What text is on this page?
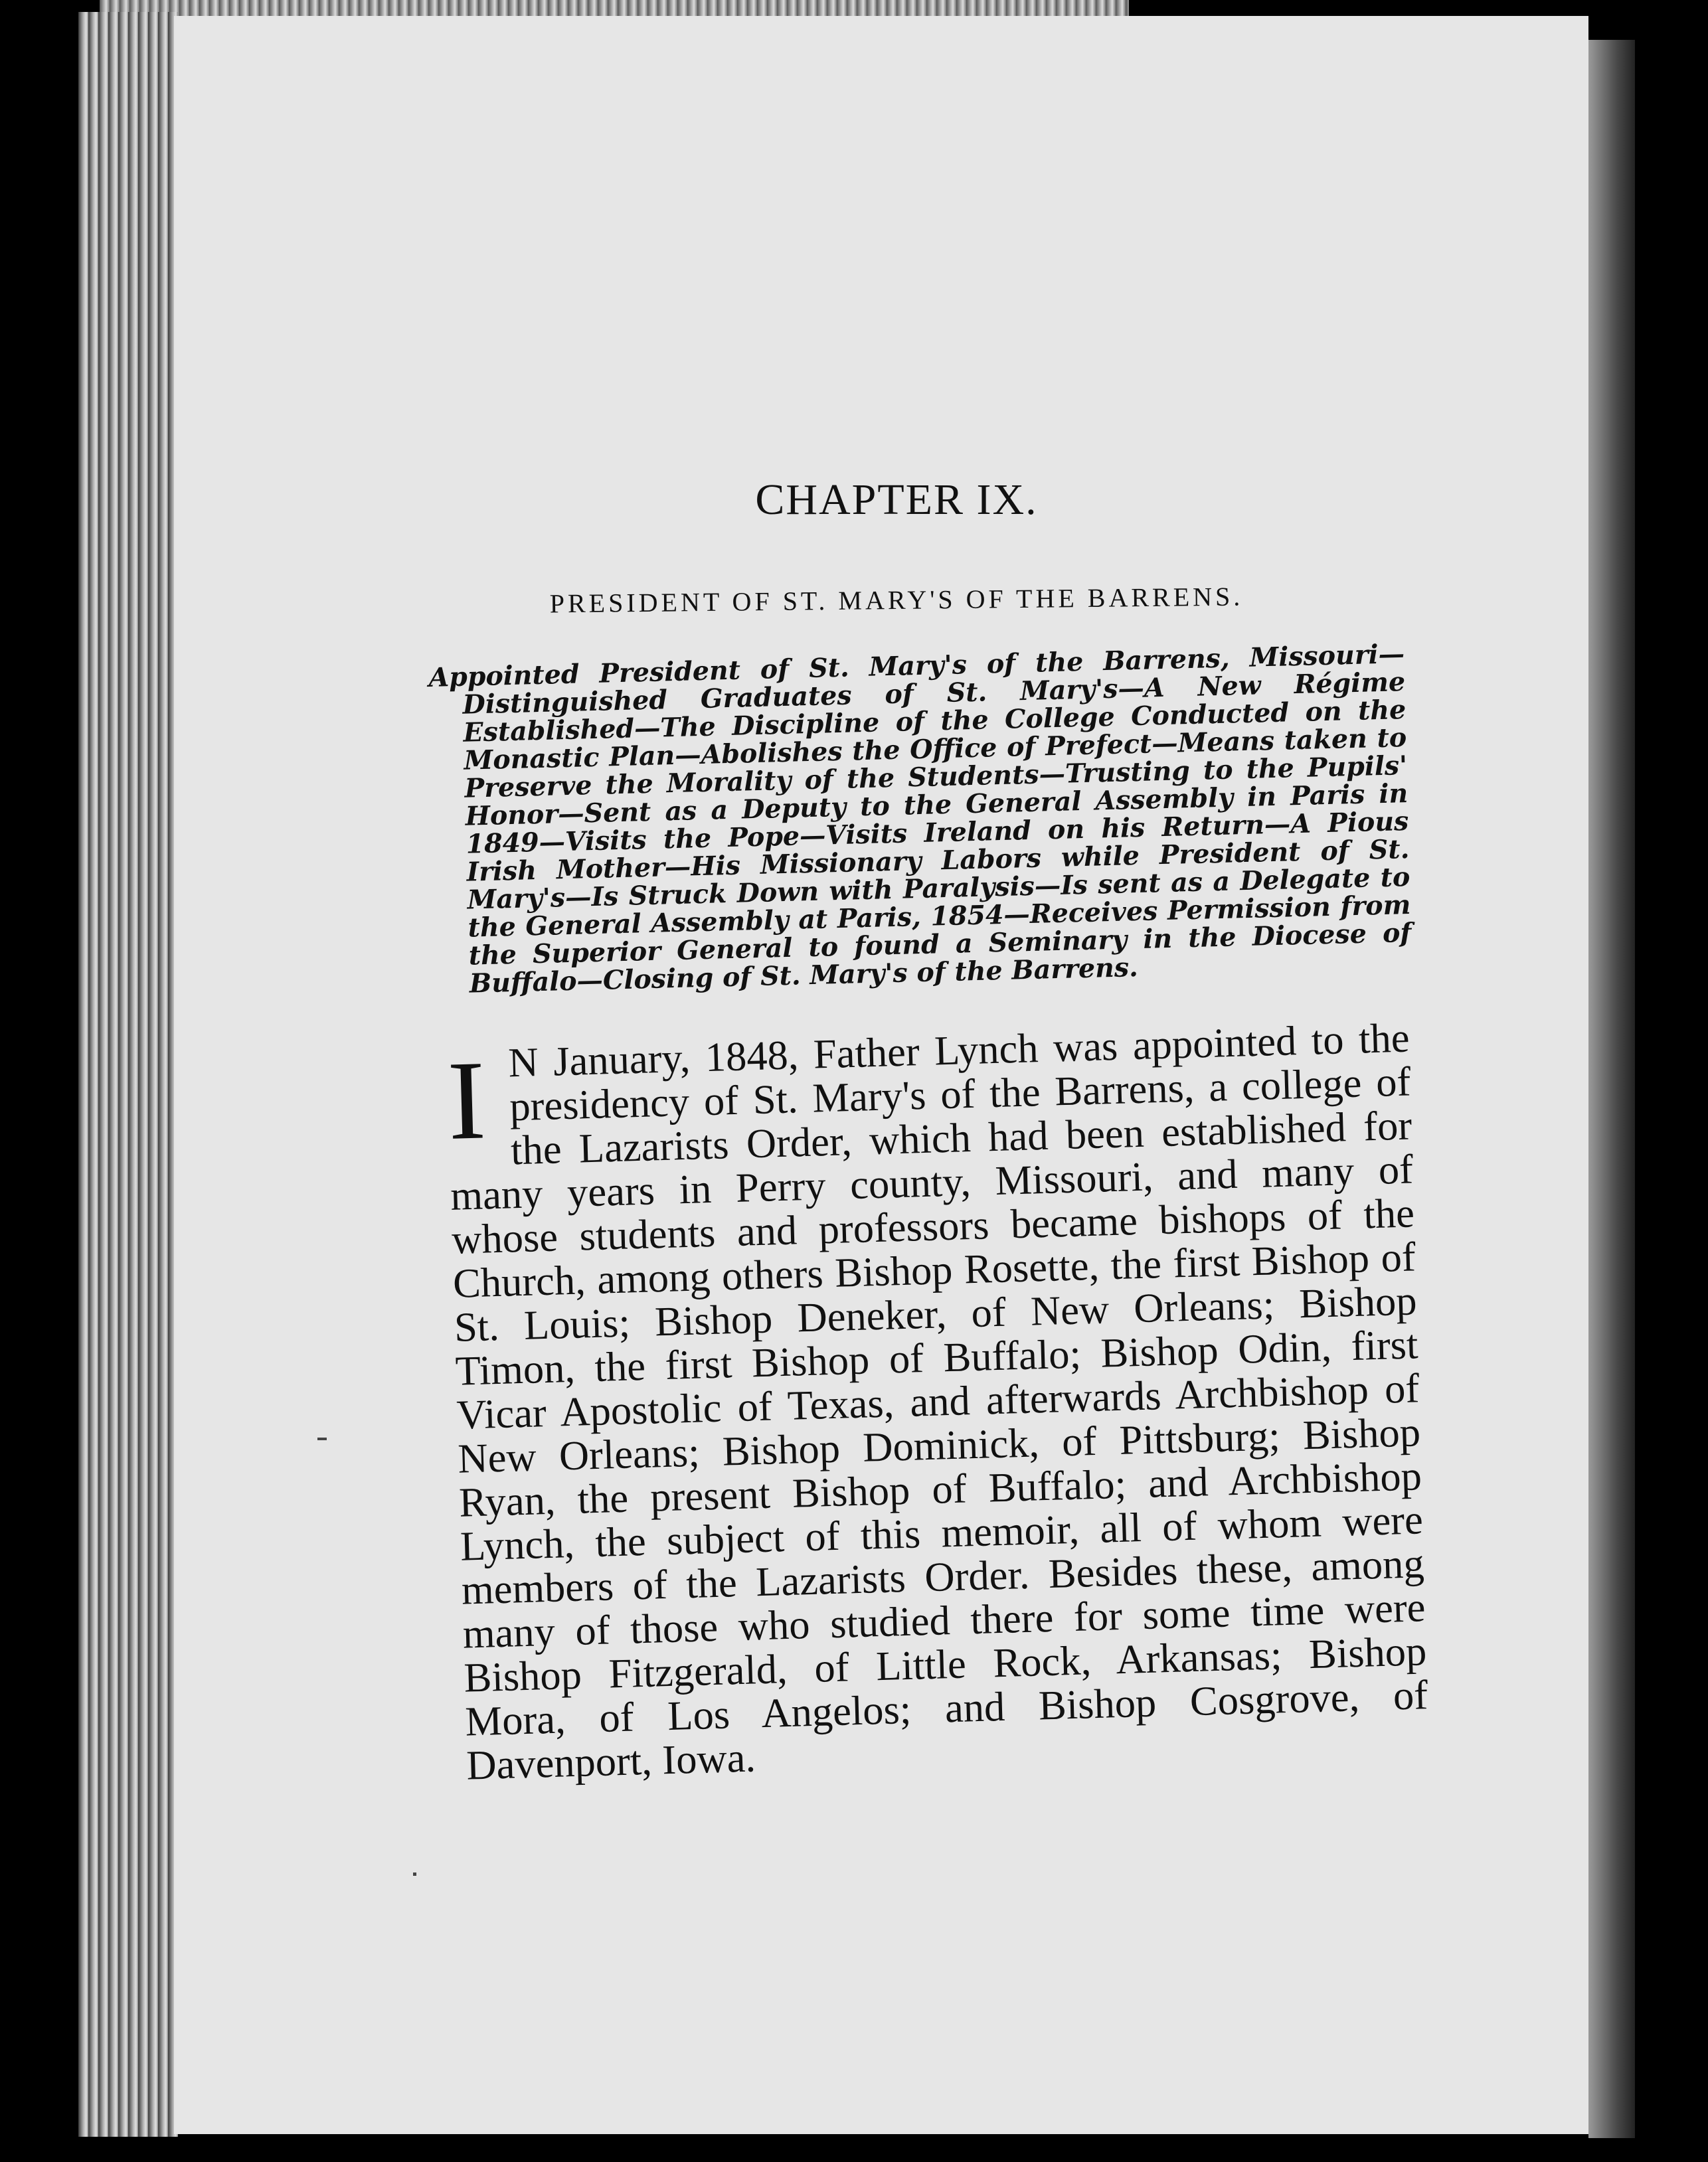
CHAPTER IX.
PRESIDENT OF ST. MARY'S OF THE BARRENS.
Appointed President of St. Mary's of the Barrens, Missouri—Distinguished Graduates of St. Mary's—A New Régime Established—The Discipline of the College Conducted on the Monastic Plan—Abolishes the Office of Prefect—Means taken to Preserve the Morality of the Students—Trusting to the Pupils' Honor—Sent as a Deputy to the General Assembly in Paris in 1849—Visits the Pope—Visits Ireland on his Return—A Pious Irish Mother—His Missionary Labors while President of St. Mary's—Is Struck Down with Paralysis—Is sent as a Delegate to the General Assembly at Paris, 1854—Receives Permission from the Superior General to found a Seminary in the Diocese of Buffalo—Closing of St. Mary's of the Barrens.
I N January, 1848, Father Lynch was appointed to the presidency of St. Mary's of the Barrens, a college of the Lazarists Order, which had been established for many years in Perry county, Missouri, and many of whose students and professors became bishops of the Church, among others Bishop Rosette, the first Bishop of St. Louis; Bishop Deneker, of New Orleans; Bishop Timon, the first Bishop of Buffalo; Bishop Odin, first Vicar Apostolic of Texas, and afterwards Archbishop of New Orleans; Bishop Dominick, of Pittsburg; Bishop Ryan, the present Bishop of Buffalo; and Archbishop Lynch, the subject of this memoir, all of whom were members of the Lazarists Order. Besides these, among many of those who studied there for some time were Bishop Fitzgerald, of Little Rock, Arkansas; Bishop Mora, of Los Angelos; and Bishop Cosgrove, of Davenport, Iowa.
